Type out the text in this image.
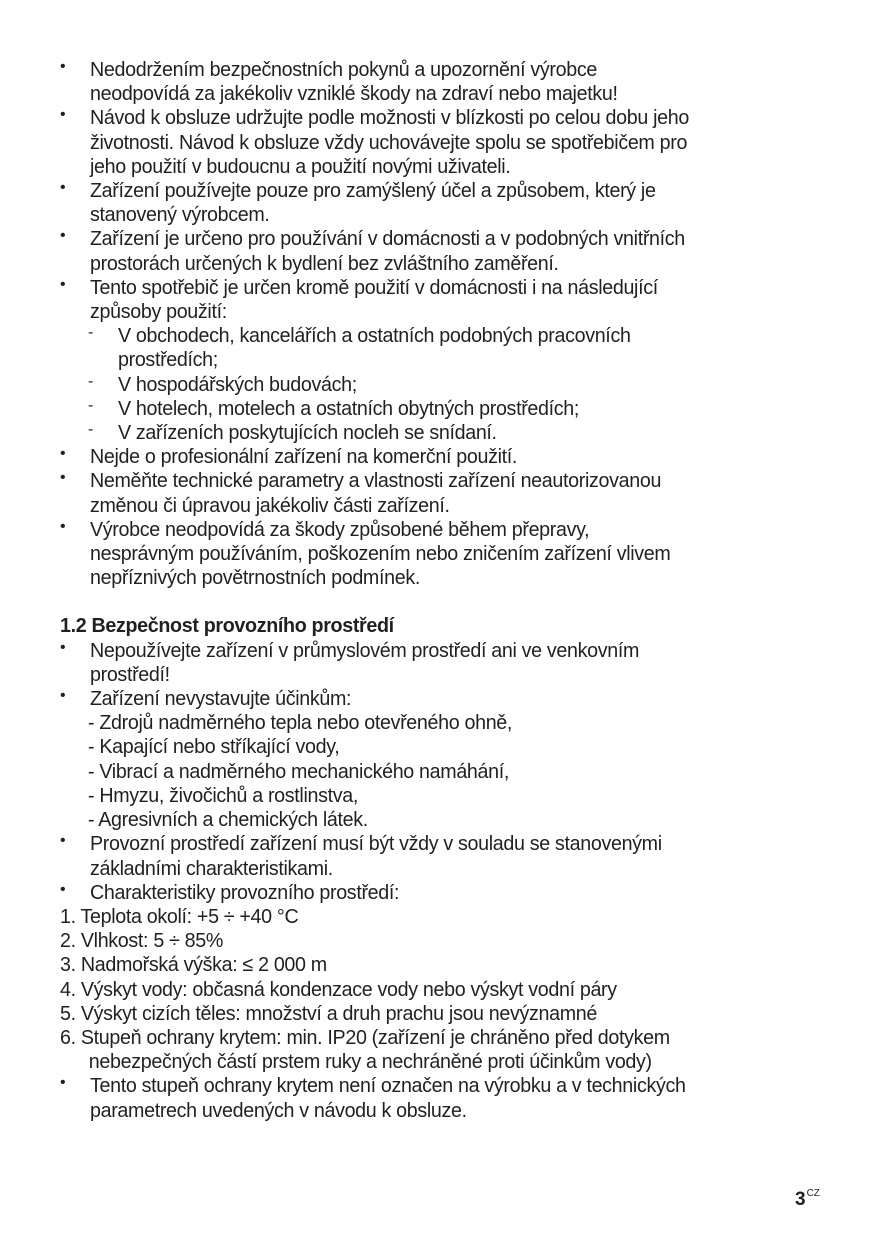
•
Nedodržením bezpečnostních pokynů a upozornění výrobce
neodpovídá za jakékoliv vzniklé škody na zdraví nebo majetku!
•
Návod k obsluze udržujte podle možnosti v blízkosti po celou dobu jeho
životnosti. Návod k obsluze vždy uchovávejte spolu se spotřebičem pro
jeho použití v budoucnu a použití novými uživateli.
•
Zařízení používejte pouze pro zamýšlený účel a způsobem, který je
stanovený výrobcem.
•
Zařízení je určeno pro používání v domácnosti a v podobných vnitřních
prostorách určených k bydlení bez zvláštního zaměření.
•
Tento spotřebič je určen kromě použití v domácnosti i na následující
způsoby použití:
- V obchodech, kancelářích a ostatních podobných pracovních
prostředích;
- V hospodářských budovách;
- V hotelech, motelech a ostatních obytných prostředích;
- V zařízeních poskytujících nocleh se snídaní.
•
Nejde o profesionální zařízení na komerční použití.
•
Neměňte technické parametry a vlastnosti zařízení neautorizovanou
změnou či úpravou jakékoliv části zařízení.
•
Výrobce neodpovídá za škody způsobené během přepravy,
nesprávným používáním, poškozením nebo zničením zařízení vlivem
nepříznivých povětrnostních podmínek.
1.2 Bezpečnost provozního prostředí
•
Nepoužívejte zařízení v průmyslovém prostředí ani ve venkovním
prostředí!
•
Zařízení nevystavujte účinkům:
- Zdrojů nadměrného tepla nebo otevřeného ohně,
- Kapající nebo stříkající vody,
- Vibrací a nadměrného mechanického namáhání,
- Hmyzu, živočichů a rostlinstva,
- Agresivních a chemických látek.
•
Provozní prostředí zařízení musí být vždy v souladu se stanovenými
základními charakteristikami.
•
Charakteristiky provozního prostředí:
1. Teplota okolí: +5 ÷ +40 °C
2. Vlhkost: 5 ÷ 85%
3. Nadmořská výška: ≤ 2 000 m
4. Výskyt vody: občasná kondenzace vody nebo výskyt vodní páry
5. Výskyt cizích těles: množství a druh prachu jsou nevýznamné
6. Stupeň ochrany krytem: min. IP20 (zařízení je chráněno před dotykem
nebezpečných částí prstem ruky a nechráněné proti účinkům vody)
•
Tento stupeň ochrany krytem není označen na výrobku a v technických
parametrech uvedených v návodu k obsluze.
$3^{CZ}$
